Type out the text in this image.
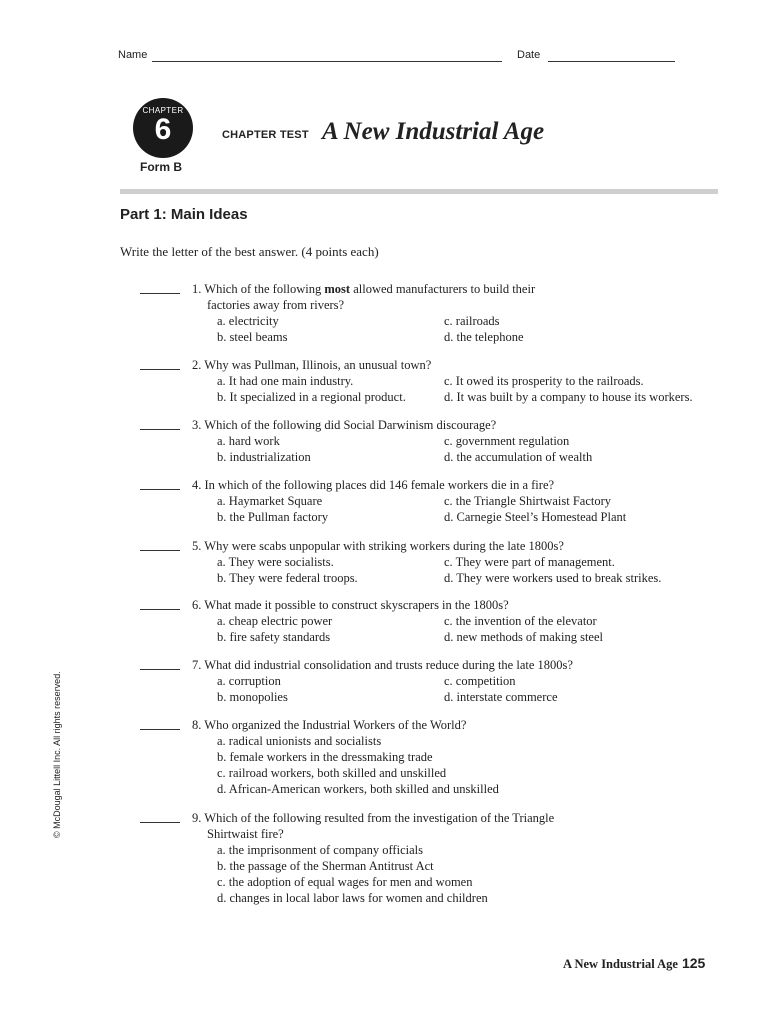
Name	Date
CHAPTER
6
Form B
CHAPTER TEST A New Industrial Age
Part 1: Main Ideas
Write the letter of the best answer. (4 points each)
1. Which of the following most allowed manufacturers to build their
factories away from rivers?
a. electricity
b. steel beams
c. railroads
d. the telephone
2. Why was Pullman, Illinois, an unusual town?
a. It had one main industry.
b. It specialized in a regional product.
c. It owed its prosperity to the railroads.
d. It was built by a company to house its workers.
3. Which of the following did Social Darwinism discourage?
a. hard work
b. industrialization
c. government regulation
d. the accumulation of wealth
4. In which of the following places did 146 female workers die in a fire?
a. Haymarket Square
b. the Pullman factory
c. the Triangle Shirtwaist Factory
d. Carnegie Steel’s Homestead Plant
5. Why were scabs unpopular with striking workers during the late 1800s?
a. They were socialists.
b. They were federal troops.
c. They were part of management.
d. They were workers used to break strikes.
6. What made it possible to construct skyscrapers in the 1800s?
a. cheap electric power
b. fire safety standards
c. the invention of the elevator
d. new methods of making steel
7. What did industrial consolidation and trusts reduce during the late 1800s?
a. corruption
b. monopolies
c. competition
d. interstate commerce
8. Who organized the Industrial Workers of the World?
a. radical unionists and socialists
b. female workers in the dressmaking trade
c. railroad workers, both skilled and unskilled
d. African-American workers, both skilled and unskilled
9. Which of the following resulted from the investigation of the Triangle
Shirtwaist fire?
a. the imprisonment of company officials
b. the passage of the Sherman Antitrust Act
c. the adoption of equal wages for men and women
d. changes in local labor laws for women and children
© McDougal Littell Inc. All rights reserved.
A New Industrial Age 125
